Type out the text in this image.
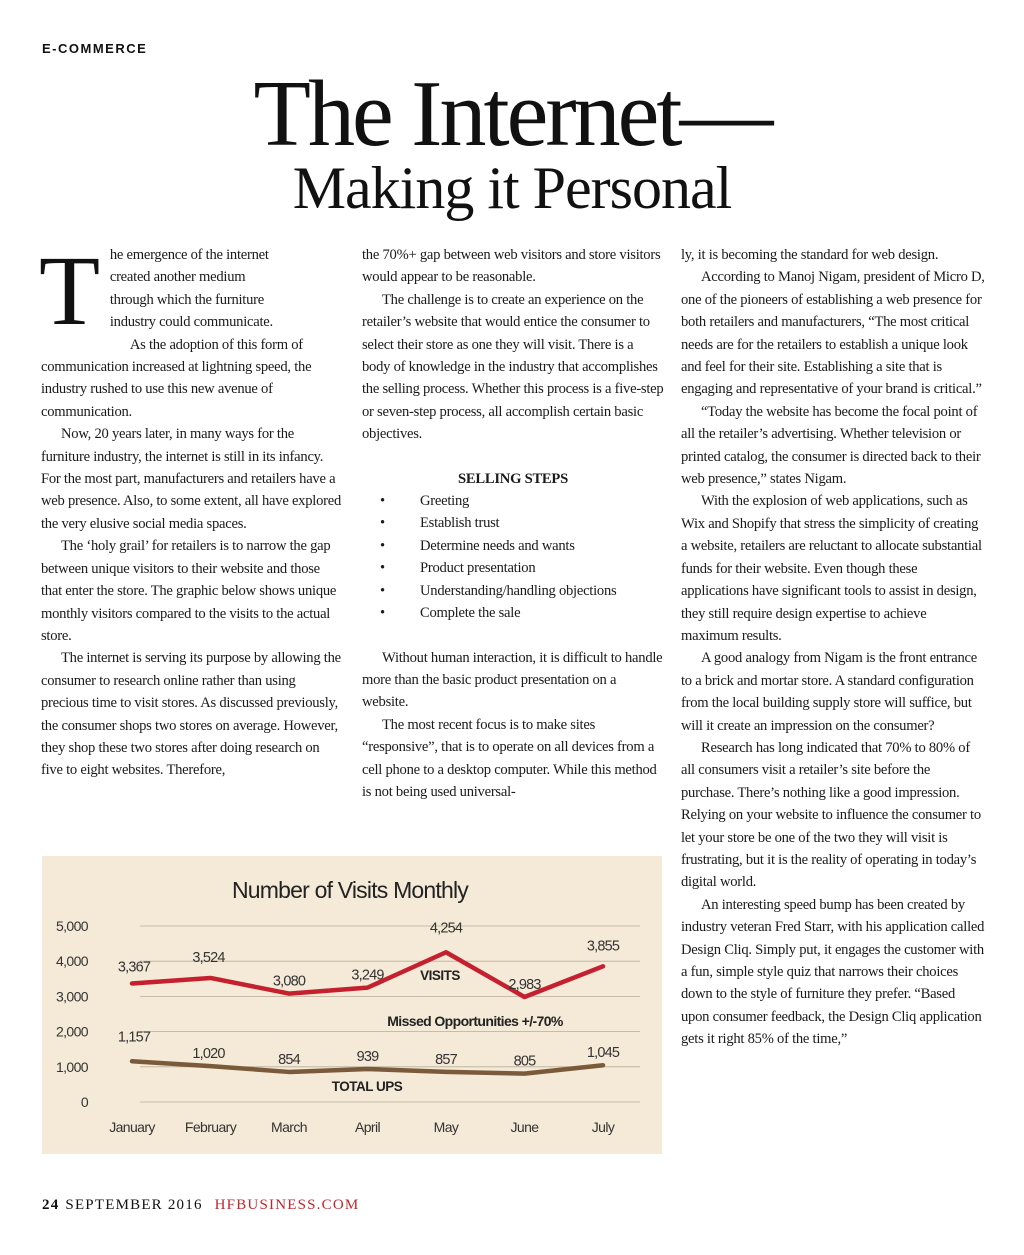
E-COMMERCE
The Internet—
Making it Personal
T he emergence of the internet
created another medium
through which the furniture
industry could communicate.

As the adoption of this form of communication increased at lightning speed, the industry rushed to use this new avenue of communication.

Now, 20 years later, in many ways for the furniture industry, the internet is still in its infancy. For the most part, manufacturers and retailers have a web presence. Also, to some extent, all have explored the very elusive social media spaces.

The ‘holy grail’ for retailers is to narrow the gap between unique visitors to their website and those that enter the store. The graphic below shows unique monthly visitors compared to the visits to the actual store.

The internet is serving its purpose by allowing the consumer to research online rather than using precious time to visit stores. As discussed previously, the consumer shops two stores on average. However, they shop these two stores after doing research on five to eight websites. Therefore,

the 70%+ gap between web visitors and store visitors would appear to be reasonable.

The challenge is to create an experience on the retailer’s website that would entice the consumer to select their store as one they will visit. There is a body of knowledge in the industry that accomplishes the selling process. Whether this process is a five-step or seven-step process, all accomplish certain basic objectives.

SELLING STEPS
• Greeting
• Establish trust
• Determine needs and wants
• Product presentation
• Understanding/handling objections
• Complete the sale

Without human interaction, it is difficult to handle more than the basic product presentation on a website.

The most recent focus is to make sites “responsive”, that is to operate on all devices from a cell phone to a desktop computer. While this method is not being used universal-

ly, it is becoming the standard for web design.

According to Manoj Nigam, president of Micro D, one of the pioneers of establishing a web presence for both retailers and manufacturers, “The most critical needs are for the retailers to establish a unique look and feel for their site. Establishing a site that is engaging and representative of your brand is critical.”

“Today the website has become the focal point of all the retailer’s advertising. Whether television or printed catalog, the consumer is directed back to their web presence,” states Nigam.

With the explosion of web applications, such as Wix and Shopify that stress the simplicity of creating a website, retailers are reluctant to allocate substantial funds for their website. Even though these applications have significant tools to assist in design, they still require design expertise to achieve maximum results.

A good analogy from Nigam is the front entrance to a brick and mortar store. A standard configuration from the local building supply store will suffice, but will it create an impression on the consumer?

Research has long indicated that 70% to 80% of all consumers visit a retailer’s site before the purchase. There’s nothing like a good impression. Relying on your website to influence the consumer to let your store be one of the two they will visit is frustrating, but it is the reality of operating in today’s digital world.

An interesting speed bump has been created by industry veteran Fred Starr, with his application called Design Cliq. Simply put, it engages the customer with a fun, simple style quiz that narrows their choices down to the style of furniture they prefer. “Based upon consumer feedback, the Design Cliq application gets it right 85% of the time,”

Number of Visits Monthly
0
1,000
2,000
3,000
4,000
5,000
January February March	April	May	June	July
3,367
3,524
3,080	3,249
4,254
2,983
3,855
1,157
1,020	854	939	857	805
1,045
VISITS
TOTAL UPS
Missed Opportunities +/-70%
24 SEPTEMBER 2016 HFBUSINESS.COM
